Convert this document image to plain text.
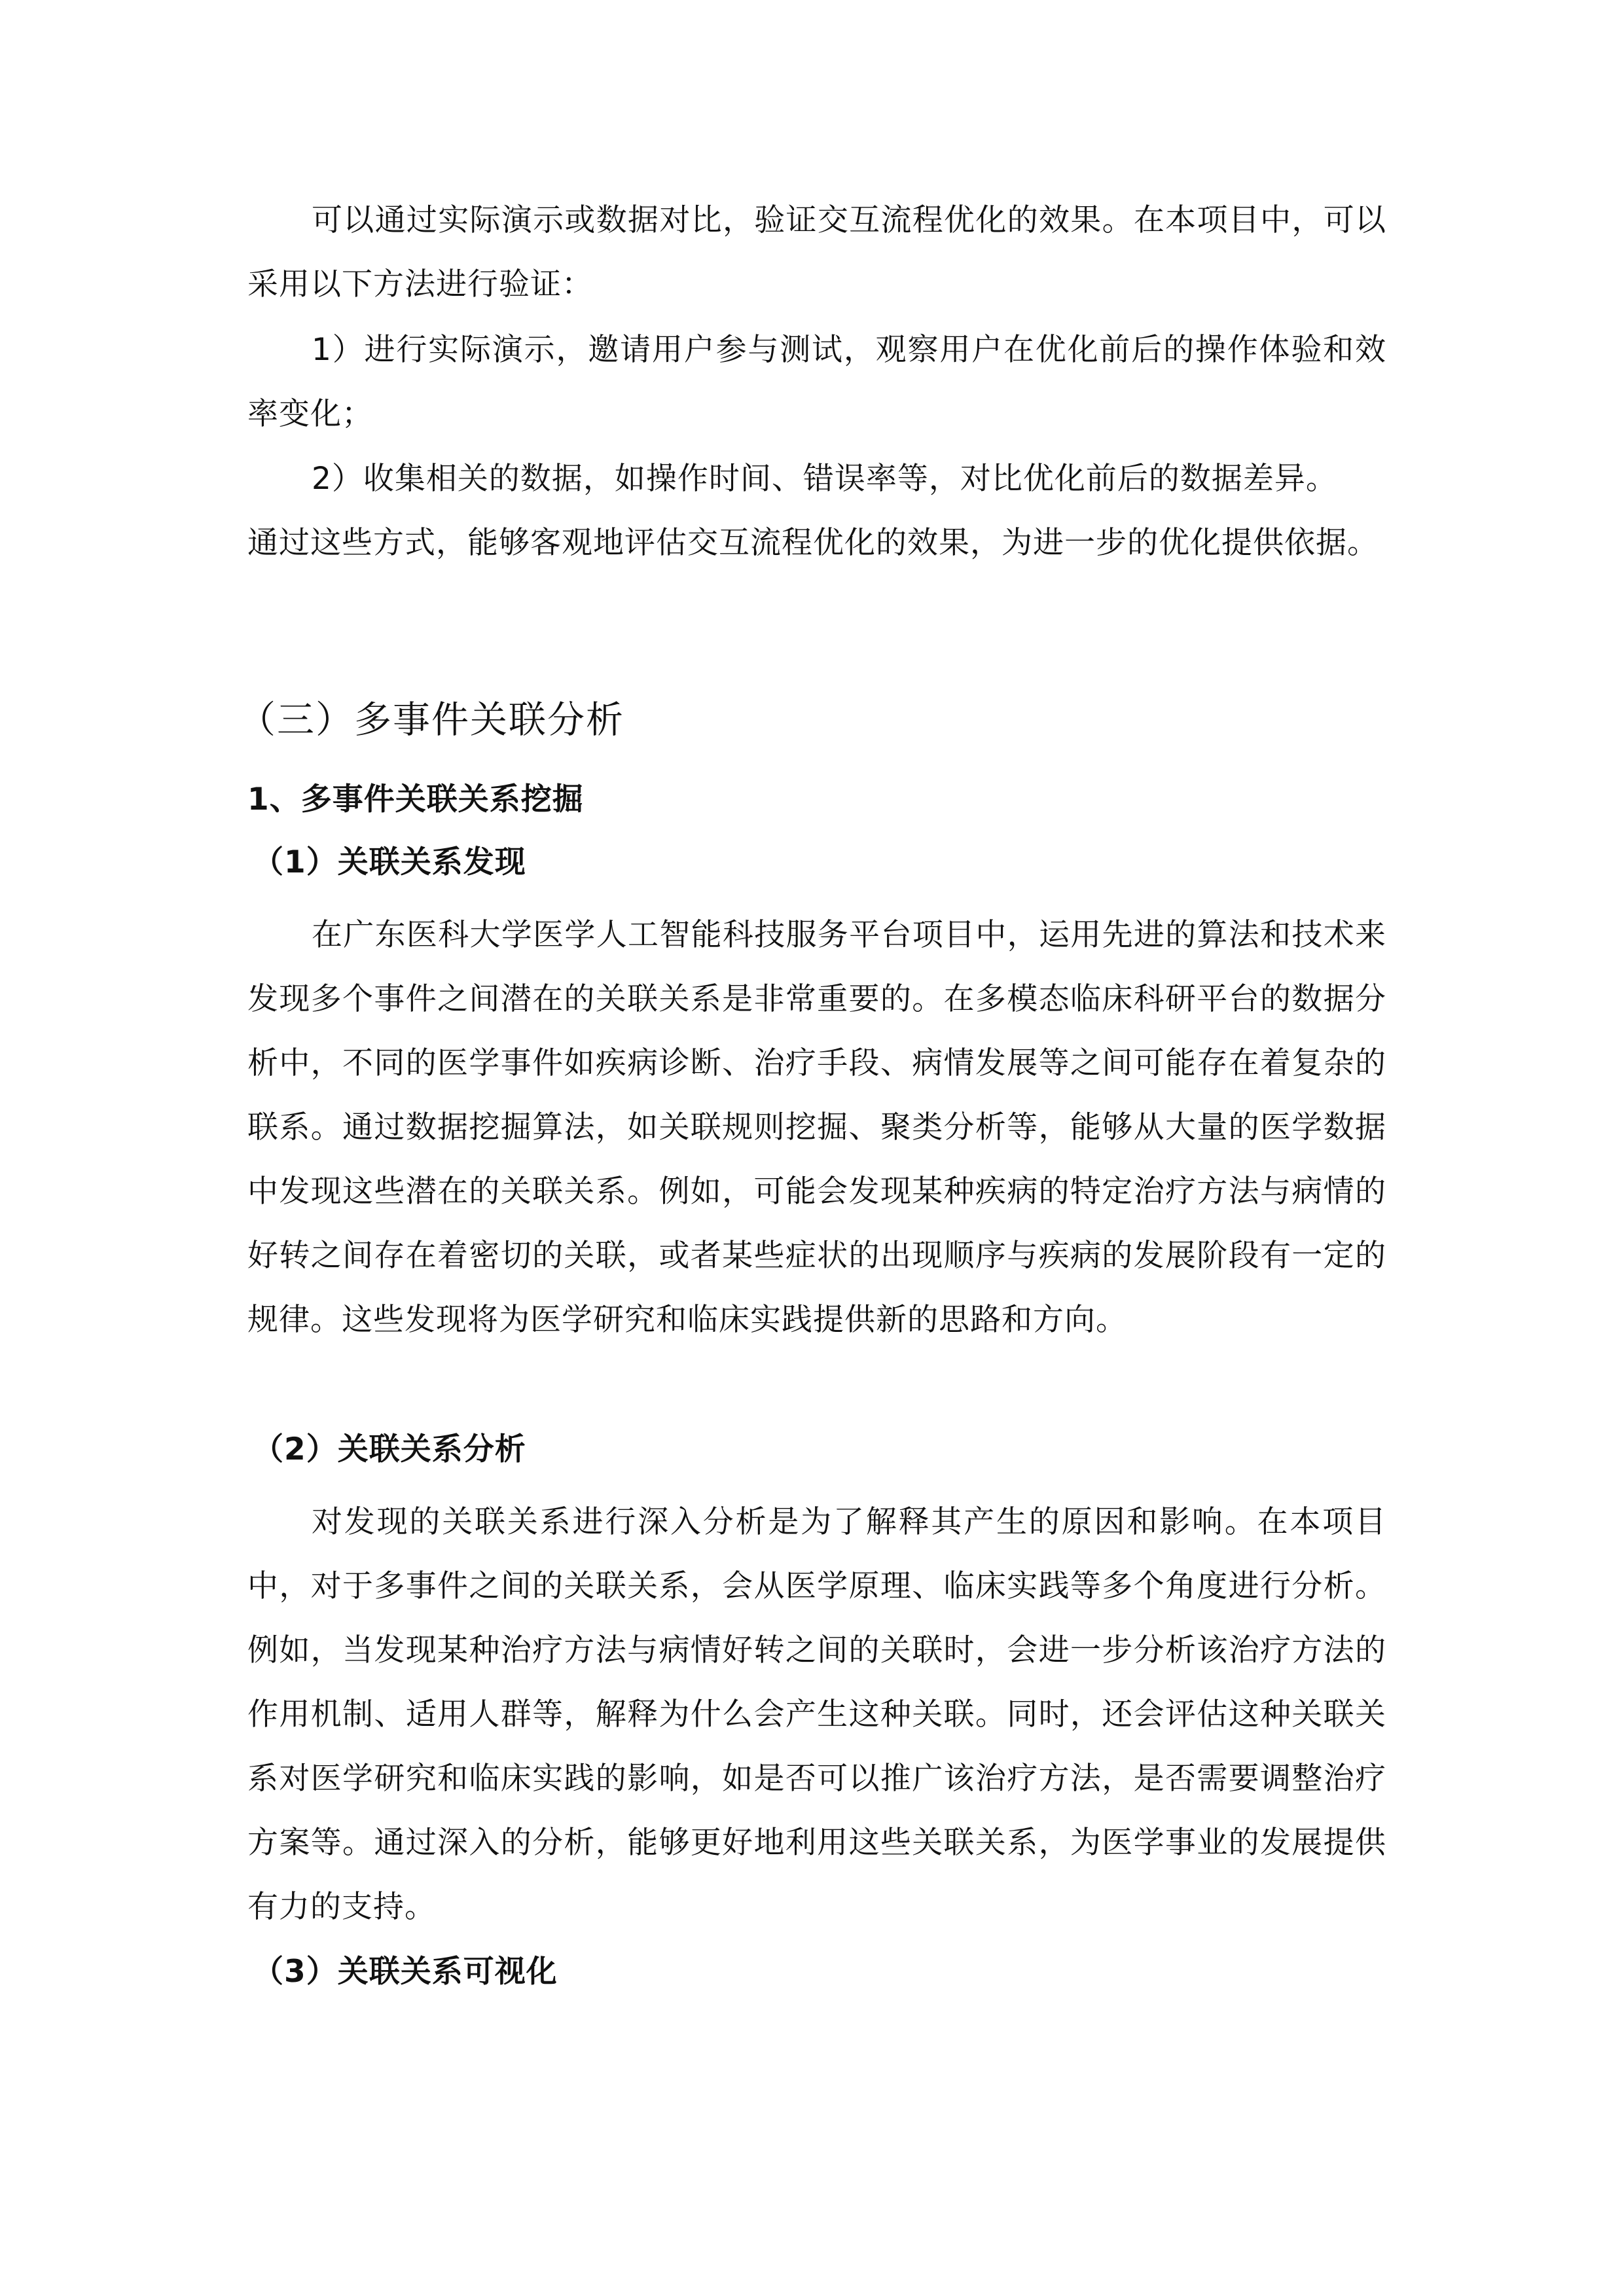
可以通过实际演示或数据对比，验证交互流程优化的效果。在本项目中，可以采用以下方法进行验证：

1）进行实际演示，邀请用户参与测试，观察用户在优化前后的操作体验和效率变化；

2）收集相关的数据，如操作时间、错误率等，对比优化前后的数据差异。

通过这些方式，能够客观地评估交互流程优化的效果，为进一步的优化提供依据。

（三）多事件关联分析
1、多事件关联关系挖掘
（1）关联关系发现

在广东医科大学医学人工智能科技服务平台项目中，运用先进的算法和技术来发现多个事件之间潜在的关联关系是非常重要的。在多模态临床科研平台的数据分析中，不同的医学事件如疾病诊断、治疗手段、病情发展等之间可能存在着复杂的联系。通过数据挖掘算法，如关联规则挖掘、聚类分析等，能够从大量的医学数据中发现这些潜在的关联关系。例如，可能会发现某种疾病的特定治疗方法与病情的好转之间存在着密切的关联，或者某些症状的出现顺序与疾病的发展阶段有一定的规律。这些发现将为医学研究和临床实践提供新的思路和方向。

（2）关联关系分析

对发现的关联关系进行深入分析是为了解释其产生的原因和影响。在本项目中，对于多事件之间的关联关系，会从医学原理、临床实践等多个角度进行分析。例如，当发现某种治疗方法与病情好转之间的关联时，会进一步分析该治疗方法的作用机制、适用人群等，解释为什么会产生这种关联。同时，还会评估这种关联关系对医学研究和临床实践的影响，如是否可以推广该治疗方法，是否需要调整治疗方案等。通过深入的分析，能够更好地利用这些关联关系，为医学事业的发展提供有力的支持。

（3）关联关系可视化
